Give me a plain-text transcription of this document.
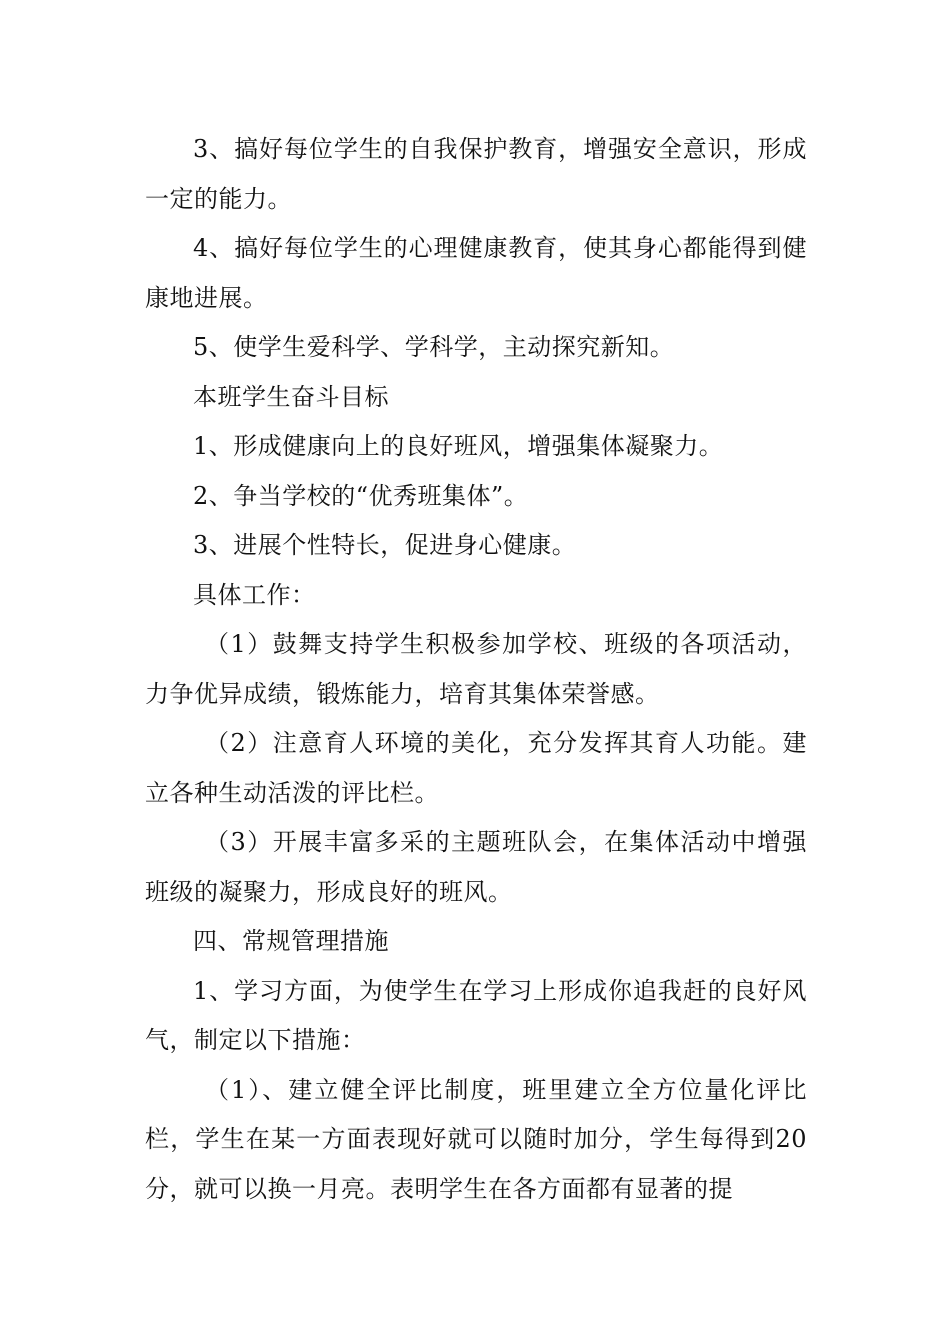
3、搞好每位学生的自我保护教育，增强安全意识，形成一定的能力。

4、搞好每位学生的心理健康教育，使其身心都能得到健康地进展。

5、使学生爱科学、学科学，主动探究新知。

本班学生奋斗目标

1、形成健康向上的良好班风，增强集体凝聚力。

2、争当学校的“优秀班集体”。

3、进展个性特长，促进身心健康。

具体工作：

（1）鼓舞支持学生积极参加学校、班级的各项活动，力争优异成绩，锻炼能力，培育其集体荣誉感。

（2）注意育人环境的美化，充分发挥其育人功能。建立各种生动活泼的评比栏。

（3）开展丰富多采的主题班队会，在集体活动中增强班级的凝聚力，形成良好的班风。

四、常规管理措施

1、学习方面，为使学生在学习上形成你追我赶的良好风气，制定以下措施：

（1）、建立健全评比制度，班里建立全方位量化评比栏，学生在某一方面表现好就可以随时加分，学生每得到20分，就可以换一月亮。表明学生在各方面都有显著的提
